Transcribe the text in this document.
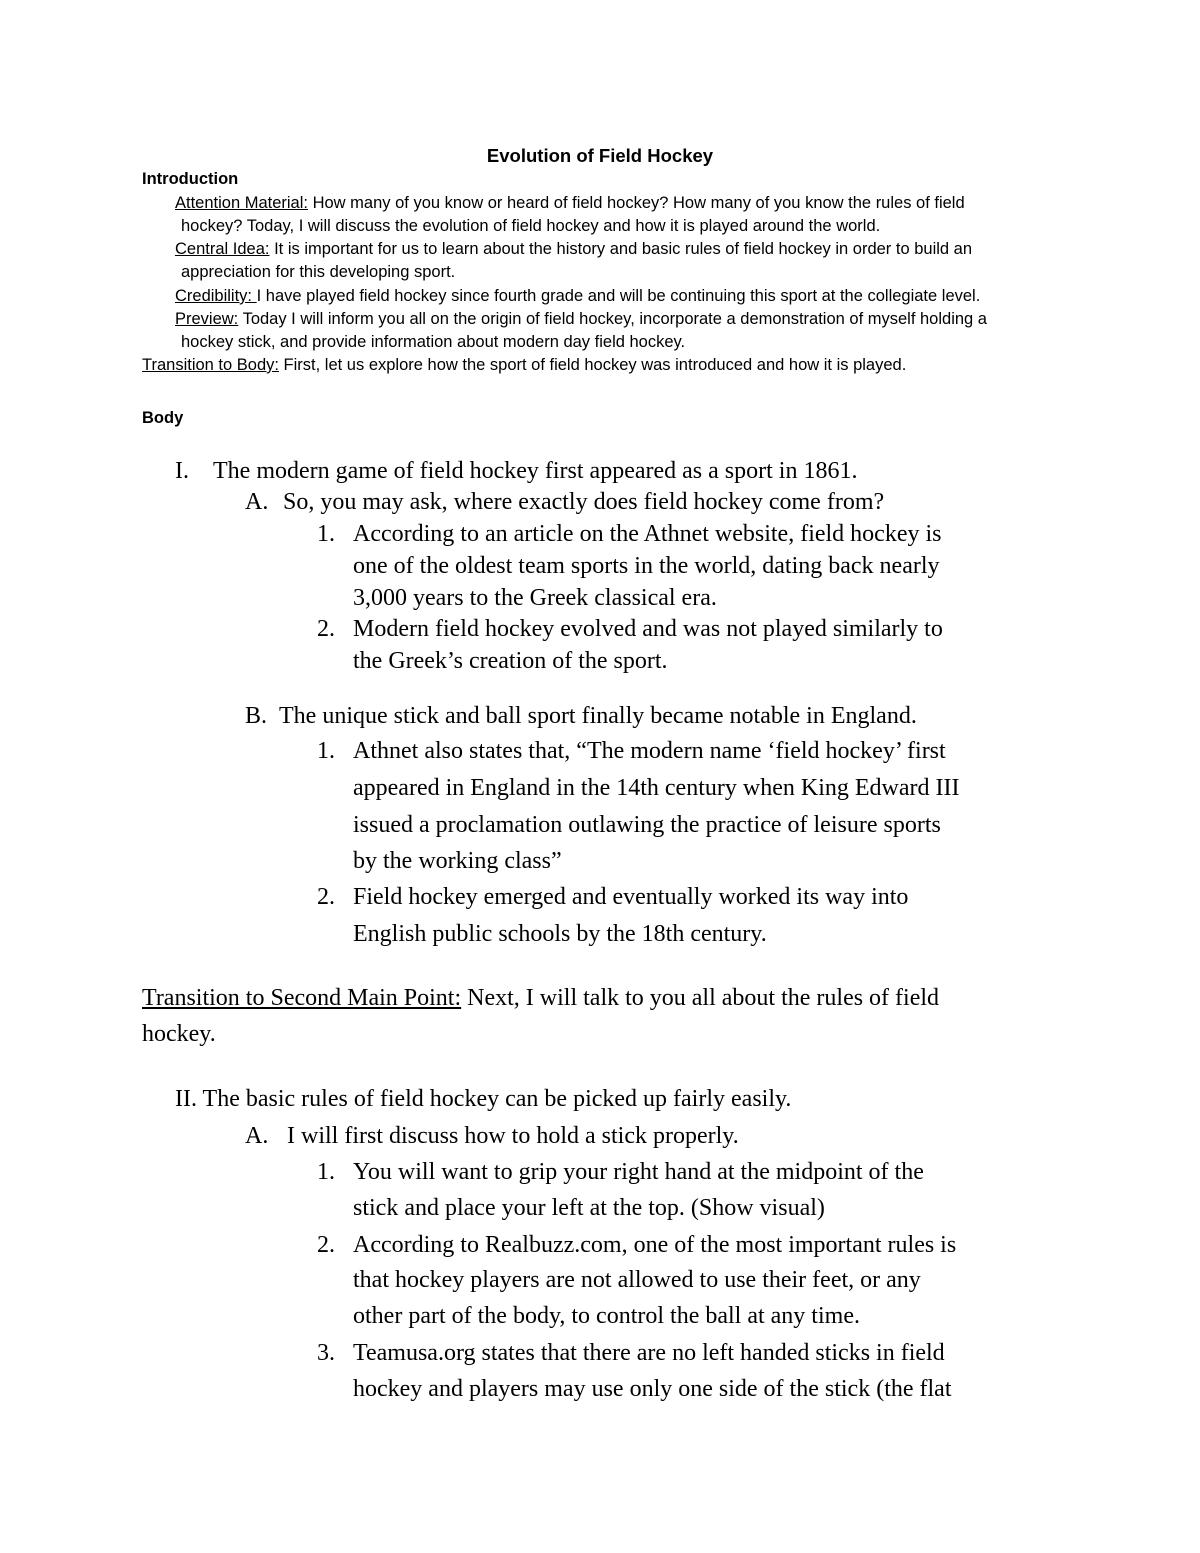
Evolution of Field Hockey
Introduction
Attention Material: How many of you know or heard of field hockey? How many of you know the rules of field
hockey? Today, I will discuss the evolution of field hockey and how it is played around the world.
Central Idea: It is important for us to learn about the history and basic rules of field hockey in order to build an
appreciation for this developing sport.
Credibility: I have played field hockey since fourth grade and will be continuing this sport at the collegiate level.
Preview: Today I will inform you all on the origin of field hockey, incorporate a demonstration of myself holding a
hockey stick, and provide information about modern day field hockey.
Transition to Body: First, let us explore how the sport of field hockey was introduced and how it is played.
Body
I. The modern game of field hockey first appeared as a sport in 1861.
A. So, you may ask, where exactly does field hockey come from?
1. According to an article on the Athnet website, field hockey is
one of the oldest team sports in the world, dating back nearly
3,000 years to the Greek classical era.
2. Modern field hockey evolved and was not played similarly to
the Greek’s creation of the sport.
B. The unique stick and ball sport finally became notable in England.
1. Athnet also states that, “The modern name ‘field hockey’ first
appeared in England in the 14th century when King Edward III
issued a proclamation outlawing the practice of leisure sports
by the working class”
2. Field hockey emerged and eventually worked its way into
English public schools by the 18th century.
Transition to Second Main Point: Next, I will talk to you all about the rules of field
hockey.
II. The basic rules of field hockey can be picked up fairly easily.
A. I will first discuss how to hold a stick properly.
1. You will want to grip your right hand at the midpoint of the
stick and place your left at the top. (Show visual)
2. According to Realbuzz.com, one of the most important rules is
that hockey players are not allowed to use their feet, or any
other part of the body, to control the ball at any time.
3. Teamusa.org states that there are no left handed sticks in field
hockey and players may use only one side of the stick (the flat
